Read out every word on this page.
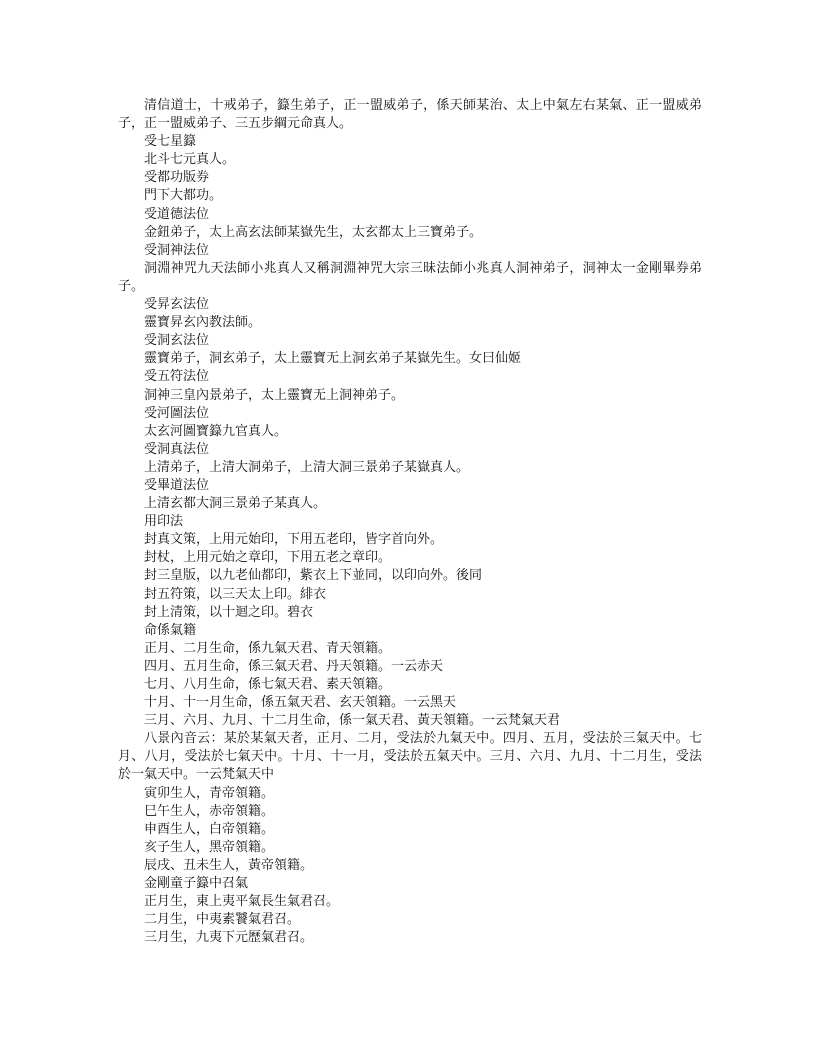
清信道士，十戒弟子，籙生弟子，正一盟威弟子，係天師某治、太上中氣左右某氣、正一盟威弟子，正一盟威弟子、三五步綱元命真人。

受七星籙

北斗七元真人。

受都功版券

門下大都功。

受道德法位

金鈕弟子，太上高玄法師某嶽先生，太玄都太上三寶弟子。

受洞神法位

洞淵神咒九天法師小兆真人又稱洞淵神咒大宗三昧法師小兆真人洞神弟子，洞神太一金剛畢券弟子。

受昇玄法位

靈寶昇玄內教法師。

受洞玄法位

靈寶弟子，洞玄弟子，太上靈寶无上洞玄弟子某嶽先生。女曰仙姬

受五符法位

洞神三皇內景弟子，太上靈寶无上洞神弟子。

受河圖法位

太玄河圖寶籙九官真人。

受洞真法位

上清弟子，上清大洞弟子，上清大洞三景弟子某嶽真人。

受畢道法位

上清玄都大洞三景弟子某真人。

用印法

封真文策，上用元始印，下用五老印，皆字首向外。

封杖，上用元始之章印，下用五老之章印。

封三皇版，以九老仙都印，紫衣上下並同，以印向外。後同

封五符策，以三天太上印。緋衣

封上清策，以十迴之印。碧衣

命係氣籍

正月、二月生命，係九氣天君、青天領籍。

四月、五月生命，係三氣天君、丹天領籍。一云赤天

七月、八月生命，係七氣天君、素天領籍。

十月、十一月生命，係五氣天君、玄天領籍。一云黑天

三月、六月、九月、十二月生命，係一氣天君、黃天領籍。一云梵氣天君

八景內音云：某於某氣天者，正月、二月，受法於九氣天中。四月、五月，受法於三氣天中。七月、八月，受法於七氣天中。十月、十一月，受法於五氣天中。三月、六月、九月、十二月生，受法於一氣天中。一云梵氣天中

寅卯生人，青帝領籍。

巳午生人，赤帝領籍。

申酉生人，白帝領籍。

亥子生人，黑帝領籍。

辰戌、丑未生人，黃帝領籍。

金剛童子籙中召氣

正月生，東上夷平氣長生氣君召。

二月生，中夷素饕氣君召。

三月生，九夷下元歷氣君召。
